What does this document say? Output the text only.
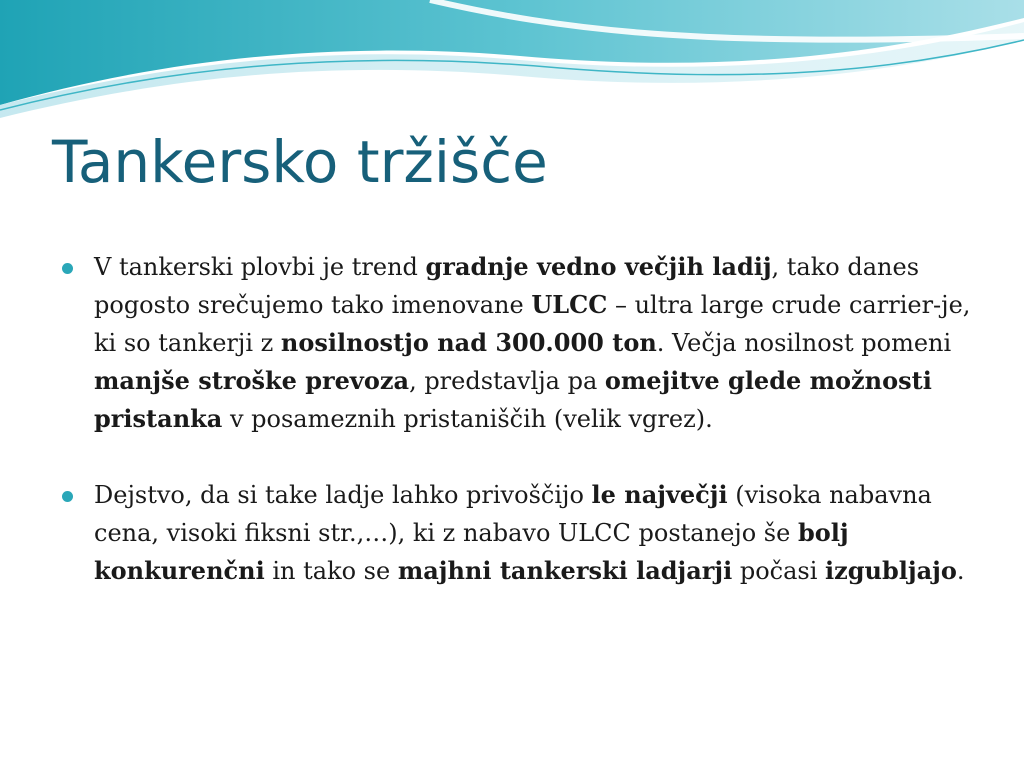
Tankersko tržišče
V tankerski plovbi je trend gradnje vedno večjih ladij, tako danes pogosto srečujemo tako imenovane ULCC – ultra large crude carrier-je, ki so tankerji z nosilnostjo nad 300.000 ton. Večja nosilnost pomeni manjše stroške prevoza, predstavlja pa omejitve glede možnosti pristanka v posameznih pristaniščih (velik vgrez).
Dejstvo, da si take ladje lahko privoščijo le največji (visoka nabavna cena, visoki fiksni str.,…), ki z nabavo ULCC postanejo še bolj konkurenčni in tako se majhni tankerski ladjarji počasi izgubljajo.
